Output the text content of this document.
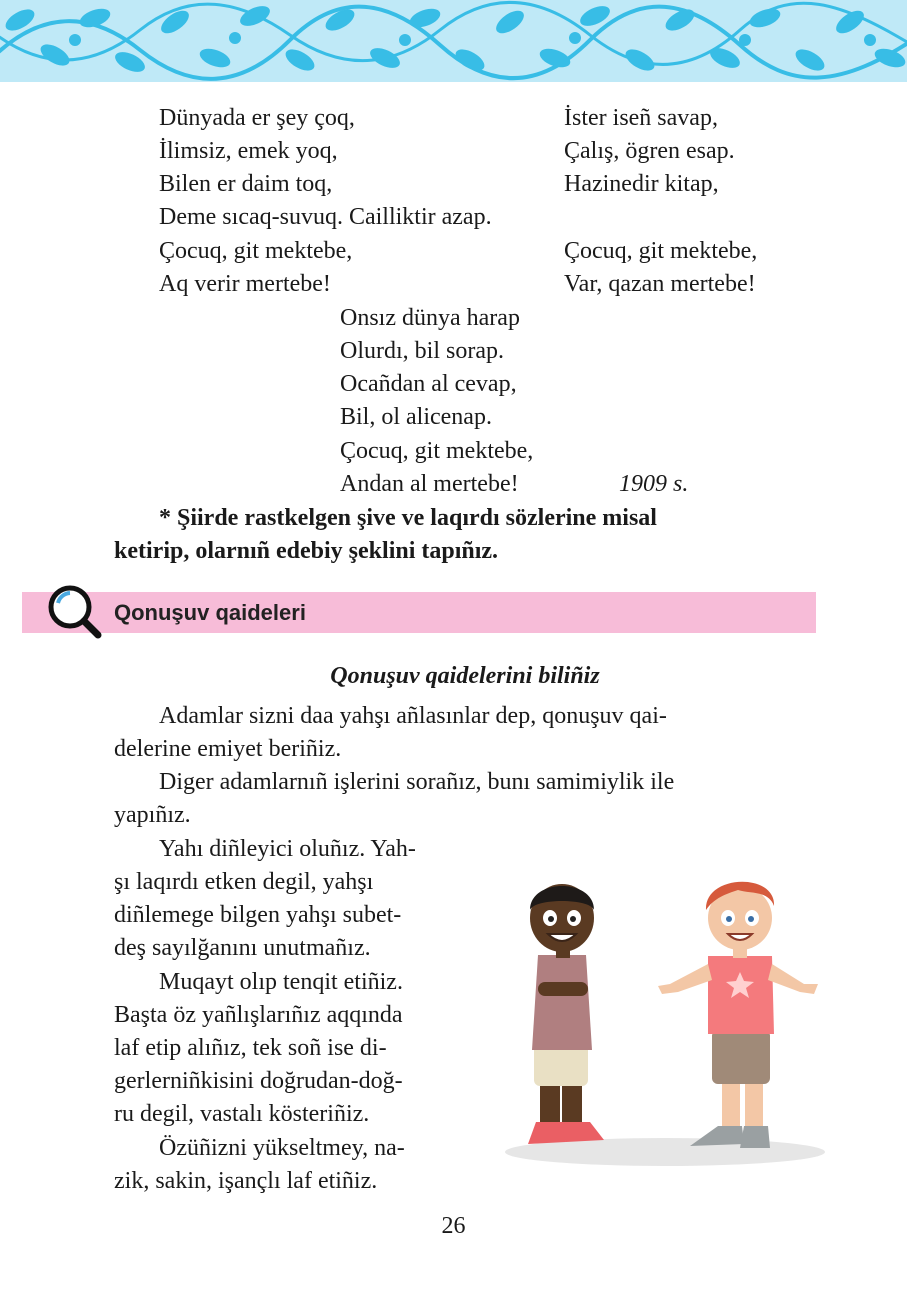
Dünyada er şey çoq,
İlimsiz, emek yoq,
Bilen er daim toq,
İster iseñ savap,
Çalış, ögren esap.
Hazinedir kitap,
Deme sıcaq-suvuq. Cailliktir azap.
Çocuq, git mektebe,
Aq verir mertebe!
Çocuq, git mektebe,
Var, qazan mertebe!
Onsız dünya harap
Olurdı, bil sorap.
Ocañdan al cevap,
Bil, ol alicenap.
Çocuq, git mektebe,
Andan al mertebe!	1909 s.
* Şiirde rastkelgen şive ve laqırdı sözlerine misal
ketirip, olarnıñ edebiy şeklini tapıñız.
Qonuşuv qaideleri
Qonuşuv qaidelerini biliñiz
Adamlar sizni daa yahşı añlasınlar dep, qonuşuv qai-
delerine emiyet beriñiz.
Diger adamlarnıñ işlerini sorañız, bunı samimiylik ile
yapıñız.
Yahı diñleyici oluñız. Yah-
şı laqırdı etken degil, yahşı
diñlemege bilgen yahşı subet-
deş sayılğanını unutmañız.
Muqayt olıp tenqit etiñiz.
Başta öz yañlışlarıñız aqqında
laf etip alıñız, tek soñ ise di-
gerlerniñkisini doğrudan-doğ-
ru degil, vastalı kösteriñiz.
Özüñizni yükseltmey, na-
zik, sakin, işançlı laf etiñiz.
26
